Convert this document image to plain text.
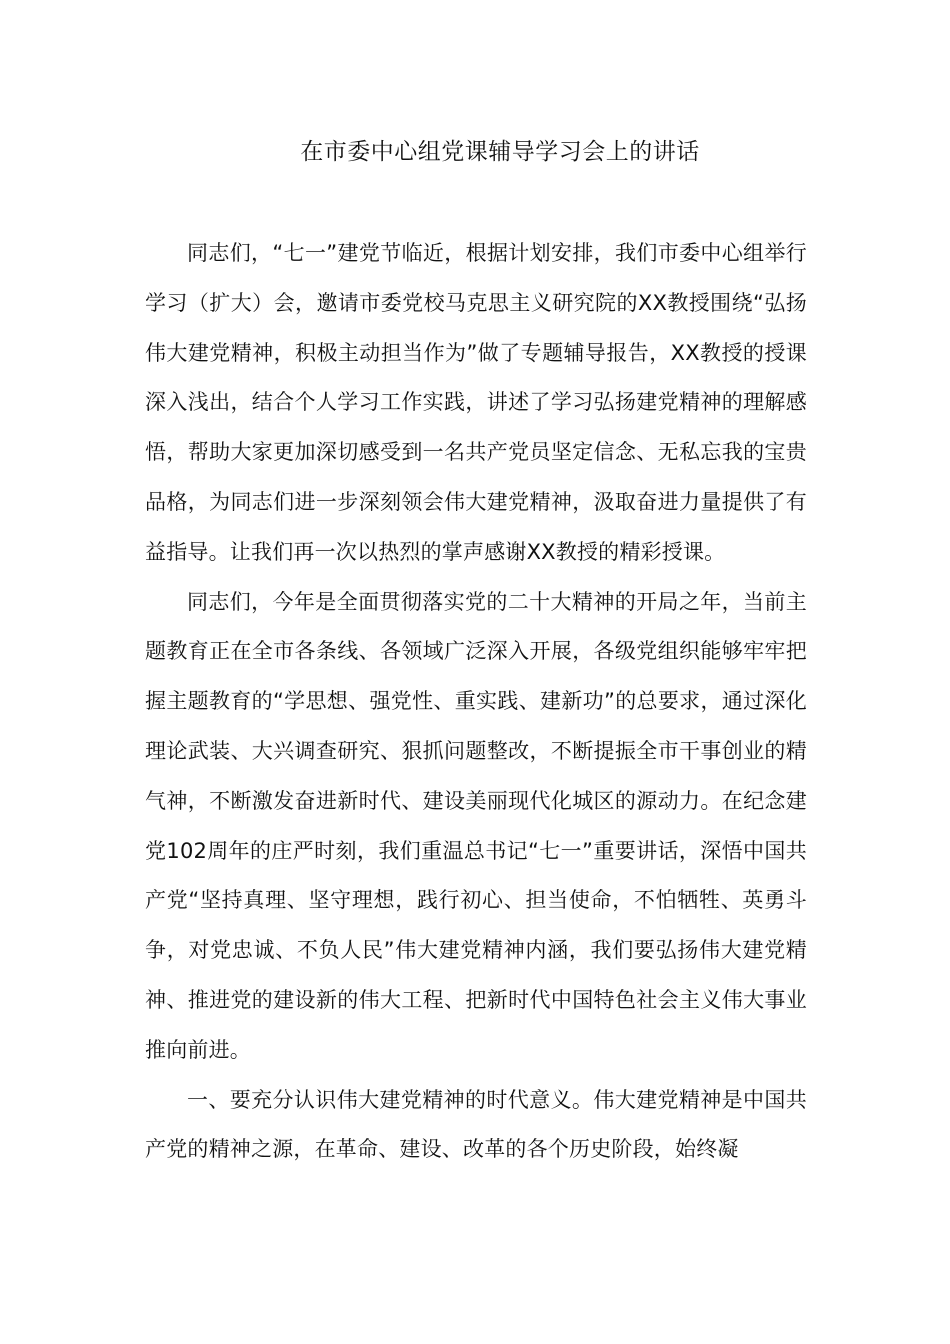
在市委中心组党课辅导学习会上的讲话

同志们，“七一”建党节临近，根据计划安排，我们市委中心组举行学习（扩大）会，邀请市委党校马克思主义研究院的XX教授围绕“弘扬伟大建党精神，积极主动担当作为”做了专题辅导报告，XX教授的授课深入浅出，结合个人学习工作实践，讲述了学习弘扬建党精神的理解感悟，帮助大家更加深切感受到一名共产党员坚定信念、无私忘我的宝贵品格，为同志们进一步深刻领会伟大建党精神，汲取奋进力量提供了有益指导。让我们再一次以热烈的掌声感谢XX教授的精彩授课。

同志们，今年是全面贯彻落实党的二十大精神的开局之年，当前主题教育正在全市各条线、各领域广泛深入开展，各级党组织能够牢牢把握主题教育的“学思想、强党性、重实践、建新功”的总要求，通过深化理论武装、大兴调查研究、狠抓问题整改，不断提振全市干事创业的精气神，不断激发奋进新时代、建设美丽现代化城区的源动力。在纪念建党102周年的庄严时刻，我们重温总书记“七一”重要讲话，深悟中国共产党“坚持真理、坚守理想，践行初心、担当使命，不怕牺牲、英勇斗争，对党忠诚、不负人民”伟大建党精神内涵，我们要弘扬伟大建党精神、推进党的建设新的伟大工程、把新时代中国特色社会主义伟大事业推向前进。

一、要充分认识伟大建党精神的时代意义。伟大建党精神是中国共产党的精神之源，在革命、建设、改革的各个历史阶段，始终凝
